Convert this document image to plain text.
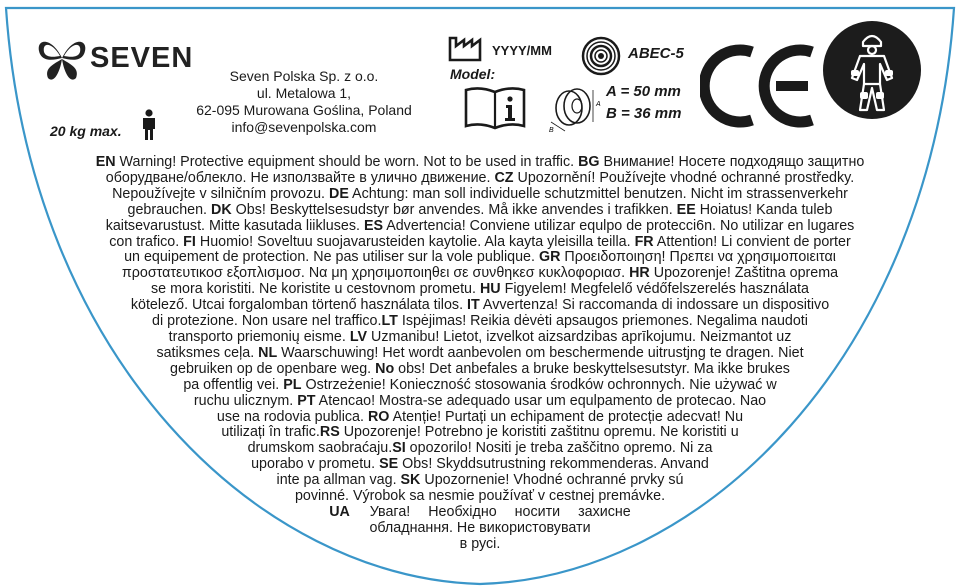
SEVEN
20 kg max.
Seven Polska Sp. z o.o.
ul. Metalowa 1,
62-095 Murowana Goślina, Poland
info@sevenpolska.com
YYYY/MM
Model:
ABEC-5
A
B
A = 50 mm
B = 36 mm
EN Warning! Protective equipment should be worn. Not to be used in traffic. BG Внимание! Носете подходящо защитно
оборудване/облекло. Не използвайте в улично движение. CZ Upozornění! Používejte vhodné ochranné prostředky.
Nepoužívejte v silničním provozu. DE Achtung: man soll individuelle schutzmittel benutzen. Nicht im strassenverkehr
gebrauchen. DK Obs! Beskyttelsesudstyr bør anvendes. Må ikke anvendes i trafikken. EE Hoiatus! Kanda tuleb
kaitsevarustust. Mitte kasutada liikluses. ES Advertencia! Conviene utilizar equlpo de protecci6n. No utilizar en lugares
con trafico. FI Huomio! Soveltuu suojavarusteiden kaytolie. Ala kayta yleisilla teilla. FR Attention! Li convient de porter
un equipement de protection. Ne pas utiliser sur la vole publique. GR Προειδοποιηση! Πρεπει να χρησιμοποιειται
προστατευτικοσ εξοπλισμοσ. Να μη χρησιμοποιηθει σε συνθηκεσ κυκλοφοριασ. HR Upozorenje! Zaštitna oprema
se mora koristiti. Ne koristite u cestovnom prometu. HU Figyelem! Megfelelő védőfelszerelés használata
kötelező. Utcai forgalomban törtenő használata tilos. IT Avvertenza! Si raccomanda di indossare un dispositivo
di protezione. Non usare nel traffico.LT Ispėjimas! Reikia dėvėti apsaugos priemones. Negalima naudoti
transporto priemonių eisme. LV Uzmanibu! Lietot, izvelkot aizsardzibas aprīkojumu. Neizmantot uz
satiksmes ceļa. NL Waarschuwing! Het wordt aanbevolen om beschermende uitrustjng te dragen. Niet
gebruiken op de openbare weg. No obs! Det anbefales a bruke beskyttelsesutstyr. Ma ikke brukes
pa offentlig vei. PL Ostrzeżenie! Konieczność stosowania środków ochronnych. Nie używać w
ruchu ulicznym. PT Atencao! Mostra-se adequado usar um equlpamento de protecao. Nao
use na rodovia publica. RO Atenție! Purtați un echipament de protecție adecvat! Nu
utilizați în trafic.RS Upozorenje! Potrebno je koristiti zaštitnu opremu. Ne koristiti u
drumskom saobraćaju.SI opozorilo! Nositi je treba zaščitno opremo. Ni za
uporabo v prometu. SE Obs! Skyddsutrustning rekommenderas. Anvand
inte pa allman vag. SK Upozornenie! Vhodné ochranné prvky sú
povinné. Výrobok sa nesmie používať v cestnej premávke.
UA Увага! Необхідно носити захисне
обладнання. Не використовувати
в русі.
